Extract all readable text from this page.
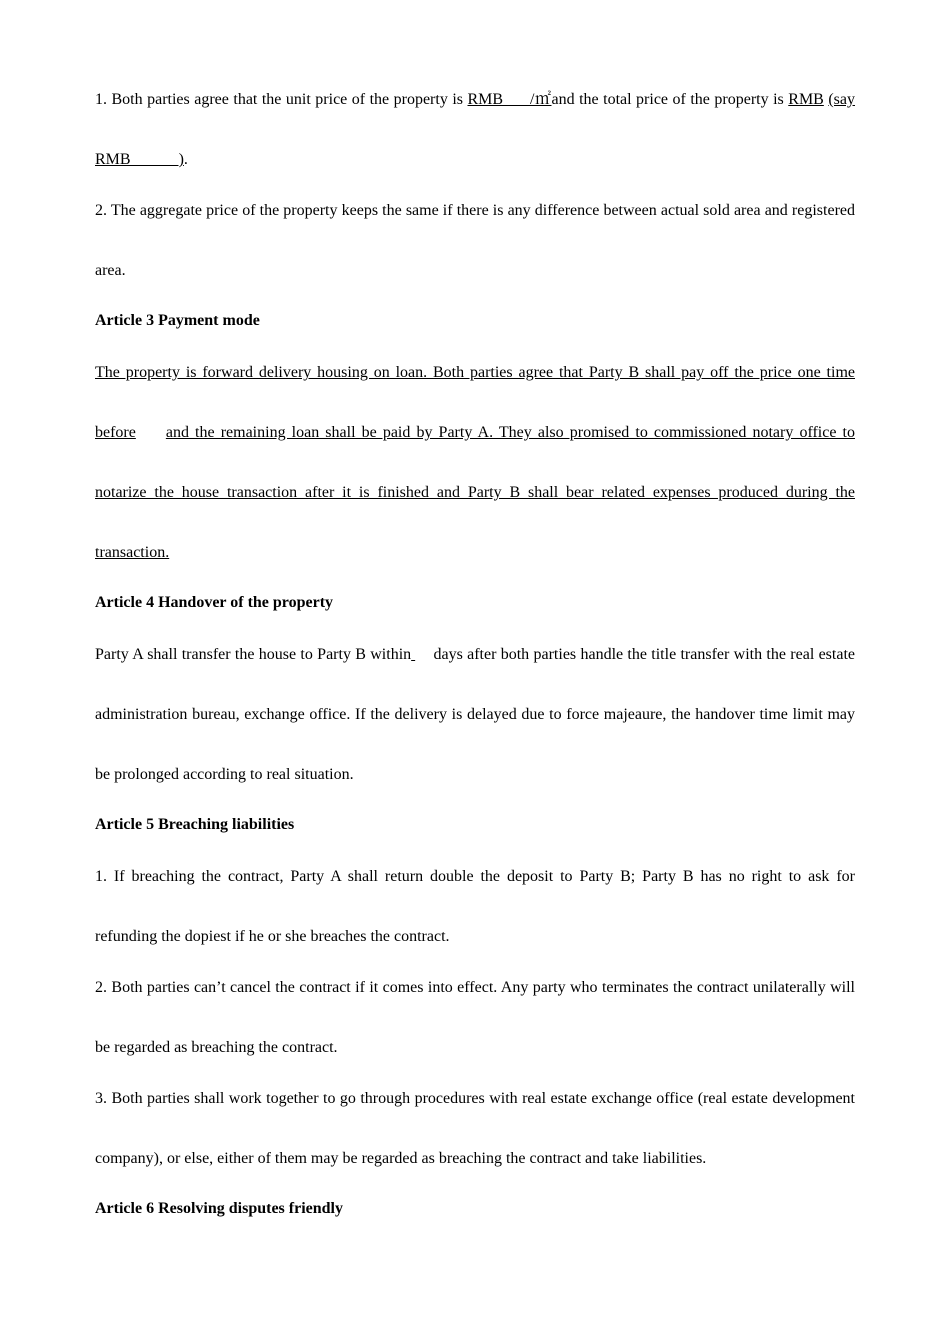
1. Both parties agree that the unit price of the property is RMB      /㎡and the total price of the property is RMB (say RMB            ).

2. The aggregate price of the property keeps the same if there is any difference between actual sold area and registered area.

Article 3 Payment mode

The property is forward delivery housing on loan. Both parties agree that Party B shall pay off the price one time before and the remaining loan shall be paid by Party A. They also promised to commissioned notary office to notarize the house transaction after it is finished and Party B shall bear related expenses produced during the transaction.

Article 4 Handover of the property

Party A shall transfer the house to Party B within  days after both parties handle the title transfer with the real estate administration bureau, exchange office. If the delivery is delayed due to force majeaure, the handover time limit may be prolonged according to real situation.

Article 5 Breaching liabilities

1. If breaching the contract, Party A shall return double the deposit to Party B; Party B has no right to ask for refunding the dopiest if he or she breaches the contract.

2. Both parties can’t cancel the contract if it comes into effect. Any party who terminates the contract unilaterally will be regarded as breaching the contract.

3. Both parties shall work together to go through procedures with real estate exchange office (real estate development company), or else, either of them may be regarded as breaching the contract and take liabilities.

Article 6 Resolving disputes friendly
